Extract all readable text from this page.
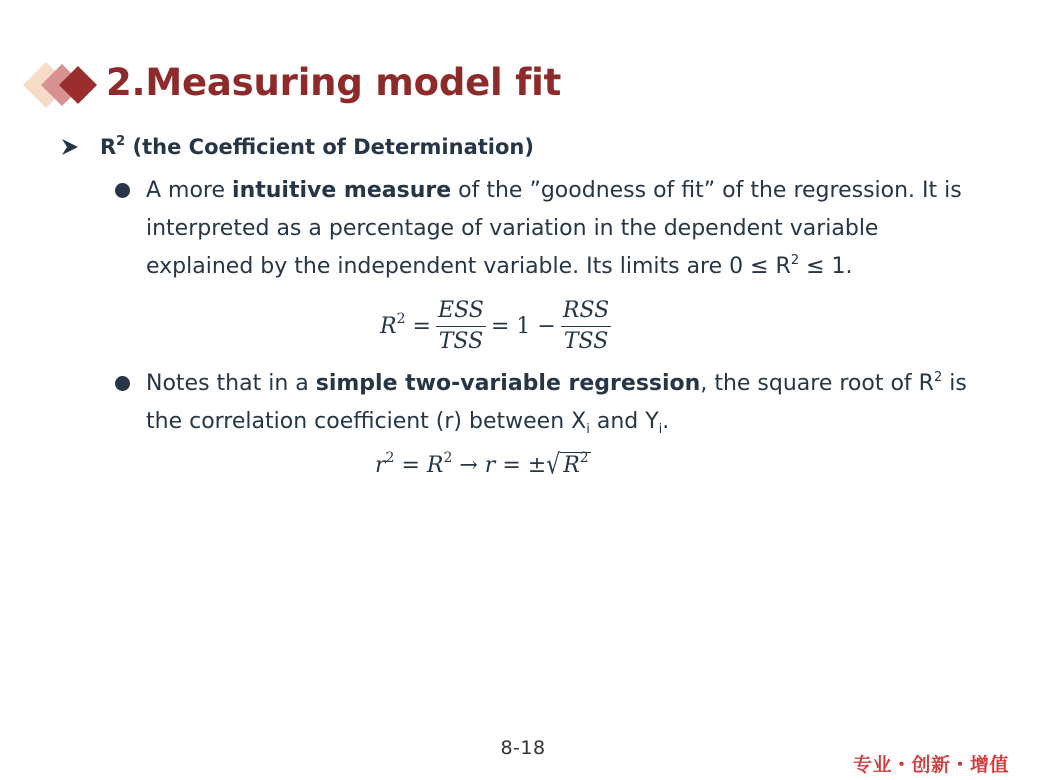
2.Measuring model fit
$R^2$ (the Coefficient of Determination)
A more intuitive measure of the ”goodness of fit” of the regression. It is
interpreted as a percentage of variation in the dependent variable
explained by the independent variable. Its limits are $0 \le R^2 \le 1$.
$R^2 = \frac{\text{ESS}}{\text{TSS}} = 1 - \frac{\text{RSS}}{\text{TSS}}$
Notes that in a simple two-variable regression, the square root of $R^2$ is
the correlation coefficient (r) between $X_i$ and $Y_i$.
$r^2 = R^2 \to r$ = ±√ $R^2$
8-18
专业・创新・增值
